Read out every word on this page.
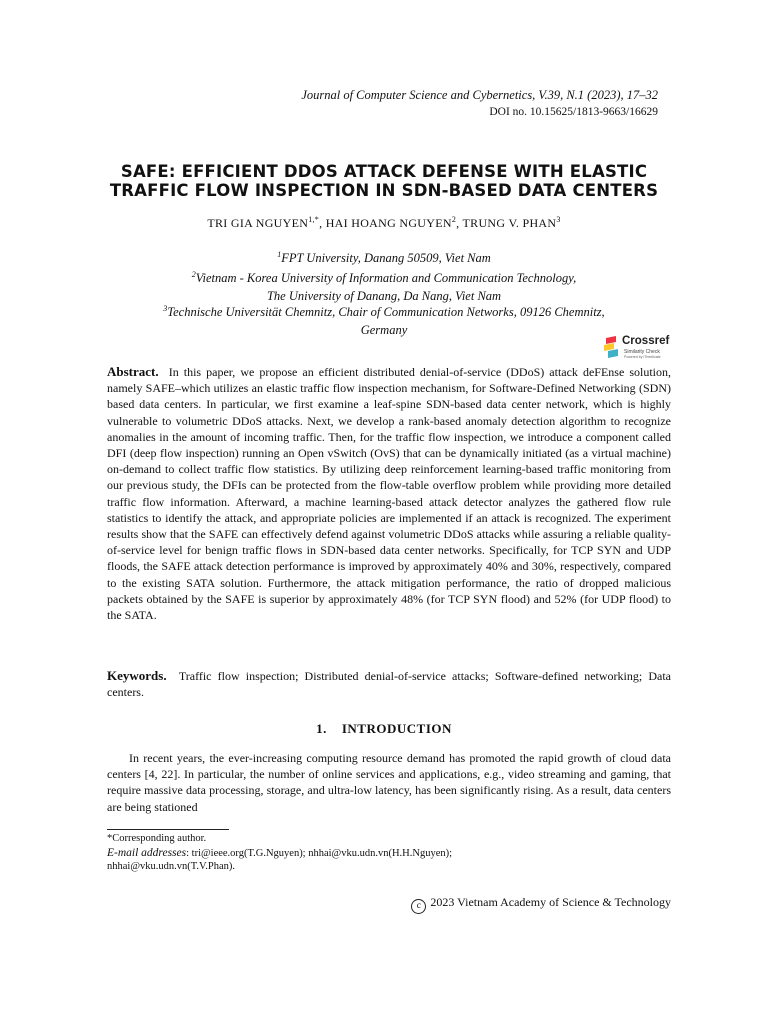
Journal of Computer Science and Cybernetics, V.39, N.1 (2023), 17–32
DOI no. 10.15625/1813-9663/16629
SAFE: EFFICIENT DDOS ATTACK DEFENSE WITH ELASTIC
TRAFFIC FLOW INSPECTION IN SDN-BASED DATA CENTERS
TRI GIA $NGUYEN^{1,*}$, HAI HOANG NGUYEN$^2$, TRUNG V. PHAN$^3$
$^1$FPT University, Danang 50509, Viet Nam
$^2$Vietnam - Korea University of Information and Communication Technology,
The University of Danang, Da Nang, Viet Nam
$^3$Technische Universität Chemnitz, Chair of Communication Networks, 09126 Chemnitz,
Germany
Crossref
Similarity Check
Powered by iThenticate
Abstract. In this paper, we propose an efficient distributed denial-of-service (DDoS) attack deFEnse solution, namely SAFE–which utilizes an elastic traffic flow inspection mechanism, for Software-Defined Networking (SDN) based data centers. In particular, we first examine a leaf-spine SDN-based data center network, which is highly vulnerable to volumetric DDoS attacks. Next, we develop a rank-based anomaly detection algorithm to recognize anomalies in the amount of incoming traffic. Then, for the traffic flow inspection, we introduce a component called DFI (deep flow inspection) running an Open vSwitch (OvS) that can be dynamically initiated (as a virtual machine) on-demand to collect traffic flow statistics. By utilizing deep reinforcement learning-based traffic monitoring from our previous study, the DFIs can be protected from the flow-table overflow problem while providing more detailed traffic flow information. Afterward, a machine learning-based attack detector analyzes the gathered flow rule statistics to identify the attack, and appropriate policies are implemented if an attack is recognized. The experiment results show that the SAFE can effectively defend against volumetric DDoS attacks while assuring a reliable quality-of-service level for benign traffic flows in SDN-based data center networks. Specifically, for TCP SYN and UDP floods, the SAFE attack detection performance is improved by approximately 40% and 30%, respectively, compared to the existing SATA solution. Furthermore, the attack mitigation performance, the ratio of dropped malicious packets obtained by the SAFE is superior by approximately 48% (for TCP SYN flood) and 52% (for UDP flood) to the SATA.
Keywords. Traffic flow inspection; Distributed denial-of-service attacks; Software-defined networking; Data centers.
1.    INTRODUCTION
In recent years, the ever-increasing computing resource demand has promoted the rapid growth of cloud data centers [4, 22]. In particular, the number of online services and applications, e.g., video streaming and gaming, that require massive data processing, storage, and ultra-low latency, has been significantly rising. As a result, data centers are being stationed
*Corresponding author.
E-mail addresses: tri@ieee.org(T.G.Nguyen); nhhai@vku.udn.vn(H.H.Nguyen);
nhhai@vku.udn.vn(T.V.Phan).
c 2023 Vietnam Academy of Science & Technology
